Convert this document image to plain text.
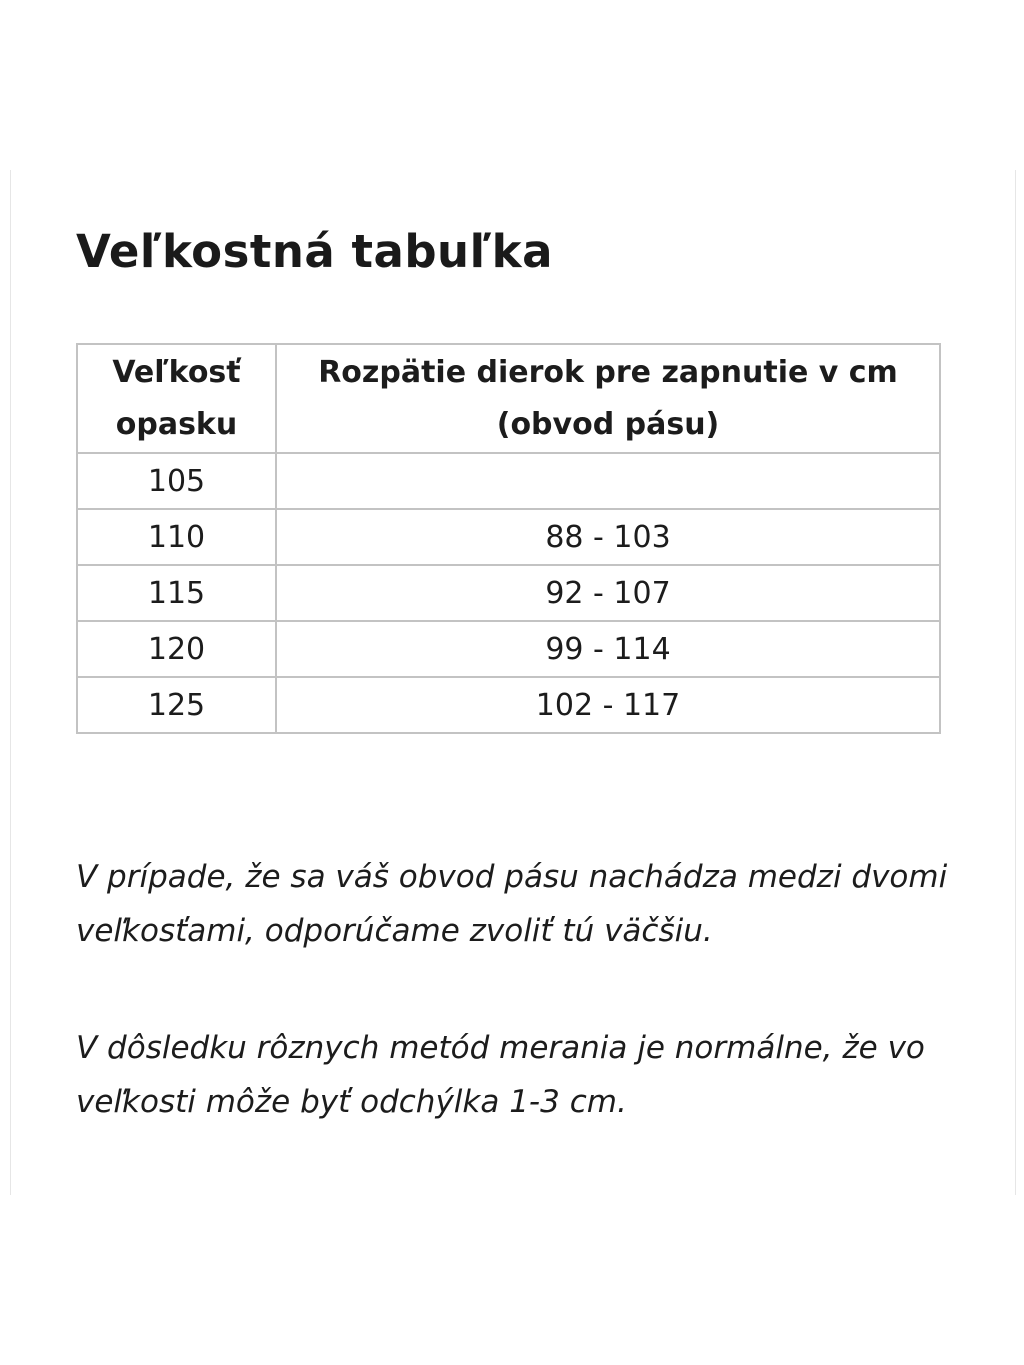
Veľkostná tabuľka
Veľkosť opasku	Rozpätie dierok pre zapnutie v cm (obvod pásu)
105	
110	88 - 103
115	92 - 107
120	99 - 114
125	102 - 117

V prípade, že sa váš obvod pásu nachádza medzi dvomi veľkosťami, odporúčame zvoliť tú väčšiu.

V dôsledku rôznych metód merania je normálne, že vo veľkosti môže byť odchýlka 1-3 cm.
